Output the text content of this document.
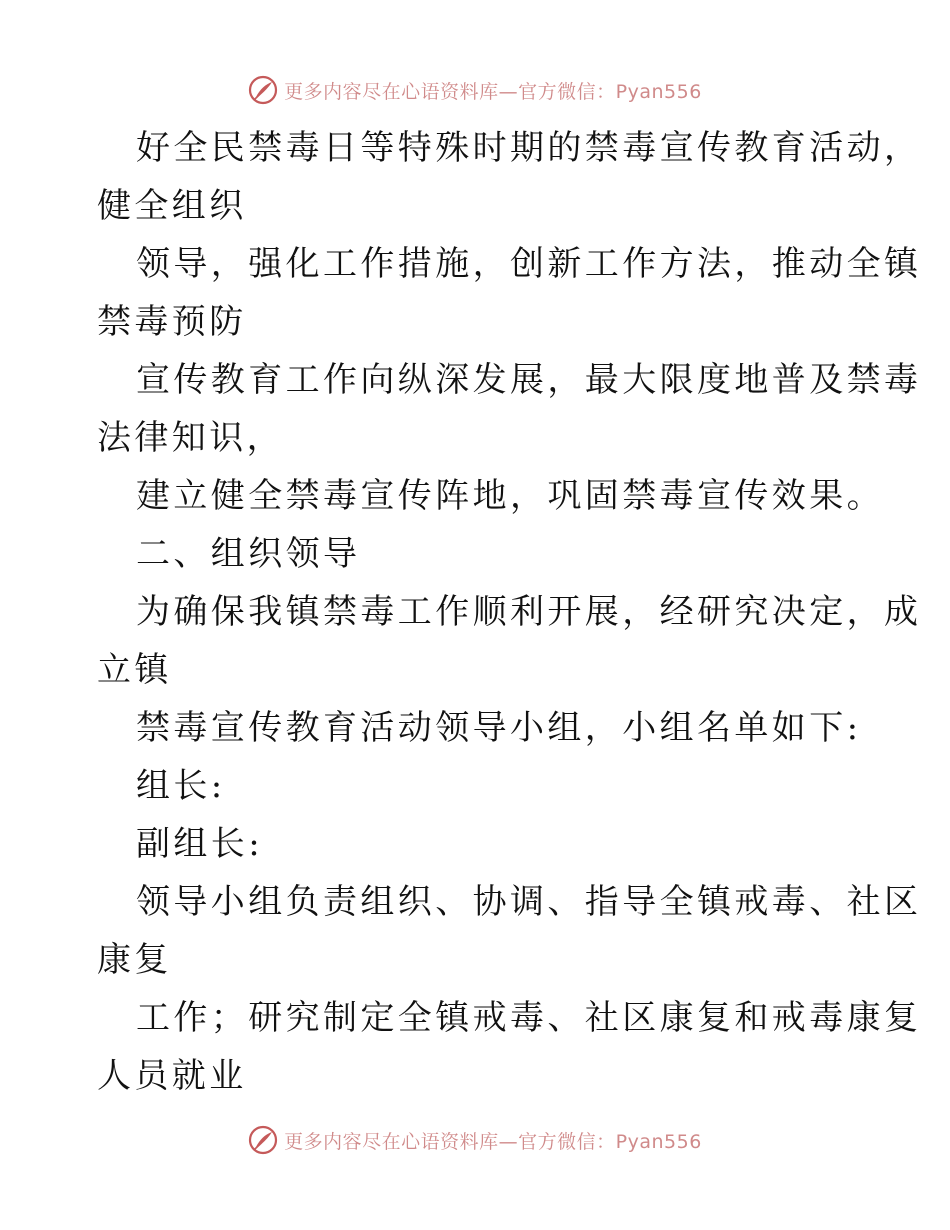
更多内容尽在心语资料库—官方微信：Pyan556
好全民禁毒日等特殊时期的禁毒宣传教育活动，
健全组织
领导，强化工作措施，创新工作方法，推动全镇
禁毒预防
宣传教育工作向纵深发展，最大限度地普及禁毒
法律知识，
建立健全禁毒宣传阵地，巩固禁毒宣传效果。
二、组织领导
为确保我镇禁毒工作顺利开展，经研究决定，成
立镇
禁毒宣传教育活动领导小组，小组名单如下:
组长:
副组长:
领导小组负责组织、协调、指导全镇戒毒、社区
康复
工作；研究制定全镇戒毒、社区康复和戒毒康复
人员就业
更多内容尽在心语资料库—官方微信：Pyan556
